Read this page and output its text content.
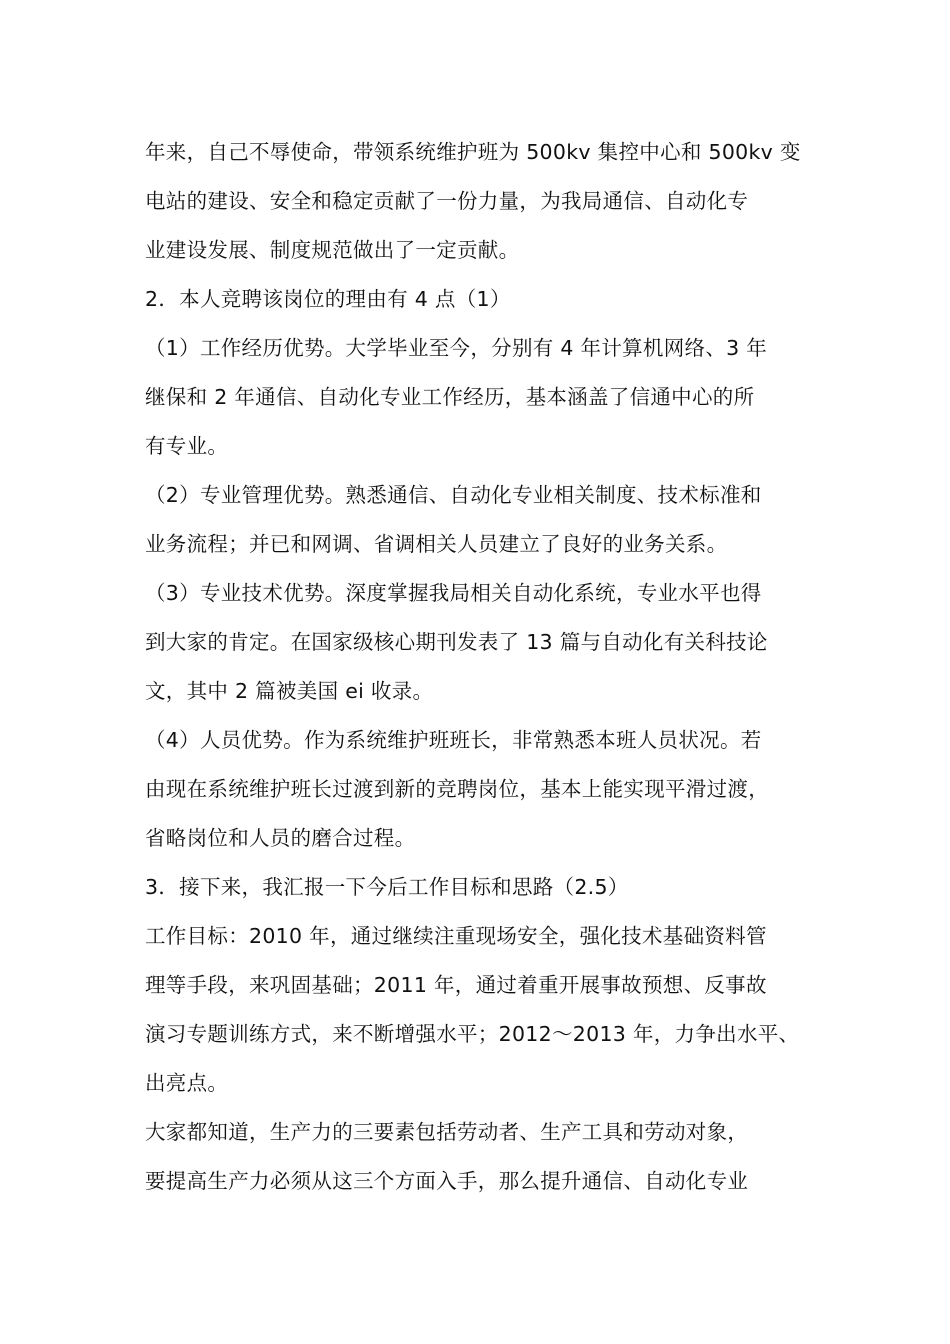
年来，自己不辱使命，带领系统维护班为 500kv 集控中心和 500kv 变
电站的建设、安全和稳定贡献了一份力量，为我局通信、自动化专
业建设发展、制度规范做出了一定贡献。
2．本人竞聘该岗位的理由有 4 点（1）
（1）工作经历优势。大学毕业至今，分别有 4 年计算机网络、3 年
继保和 2 年通信、自动化专业工作经历，基本涵盖了信通中心的所
有专业。
（2）专业管理优势。熟悉通信、自动化专业相关制度、技术标准和
业务流程；并已和网调、省调相关人员建立了良好的业务关系。
（3）专业技术优势。深度掌握我局相关自动化系统，专业水平也得
到大家的肯定。在国家级核心期刊发表了 13 篇与自动化有关科技论
文，其中 2 篇被美国 ei 收录。
（4）人员优势。作为系统维护班班长，非常熟悉本班人员状况。若
由现在系统维护班长过渡到新的竞聘岗位，基本上能实现平滑过渡，
省略岗位和人员的磨合过程。
3．接下来，我汇报一下今后工作目标和思路（2.5）
工作目标：2010 年，通过继续注重现场安全，强化技术基础资料管
理等手段，来巩固基础；2011 年，通过着重开展事故预想、反事故
演习专题训练方式，来不断增强水平；2012～2013 年，力争出水平、
出亮点。
大家都知道，生产力的三要素包括劳动者、生产工具和劳动对象，
要提高生产力必须从这三个方面入手，那么提升通信、自动化专业
